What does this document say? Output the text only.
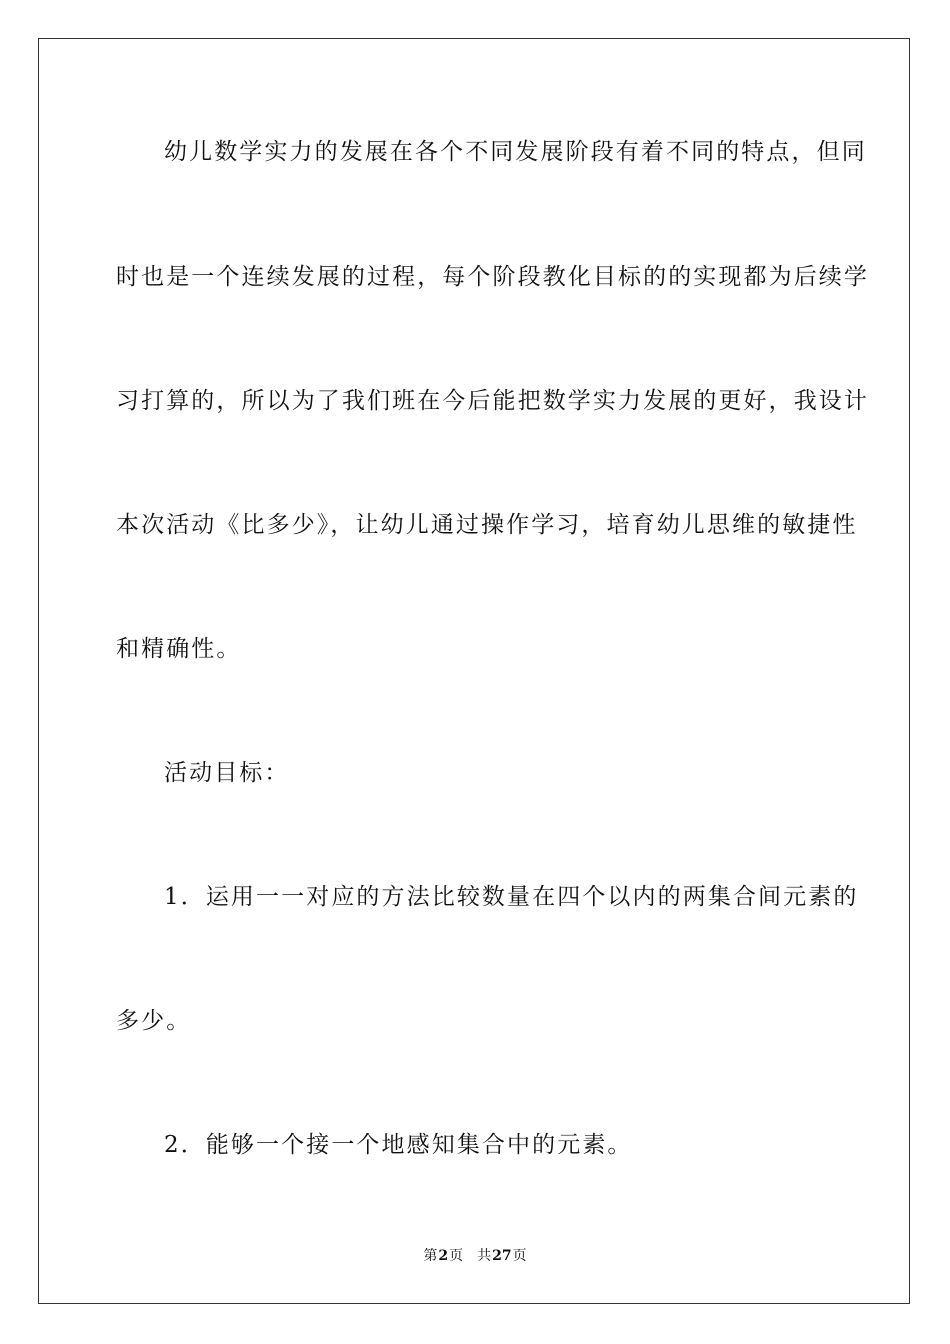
幼儿数学实力的发展在各个不同发展阶段有着不同的特点，但同
时也是一个连续发展的过程，每个阶段教化目标的的实现都为后续学
习打算的，所以为了我们班在今后能把数学实力发展的更好，我设计
本次活动《比多少》，让幼儿通过操作学习，培育幼儿思维的敏捷性
和精确性。
活动目标：
1．运用一一对应的方法比较数量在四个以内的两集合间元素的
多少。
2．能够一个接一个地感知集合中的元素。
第2页 共27页
